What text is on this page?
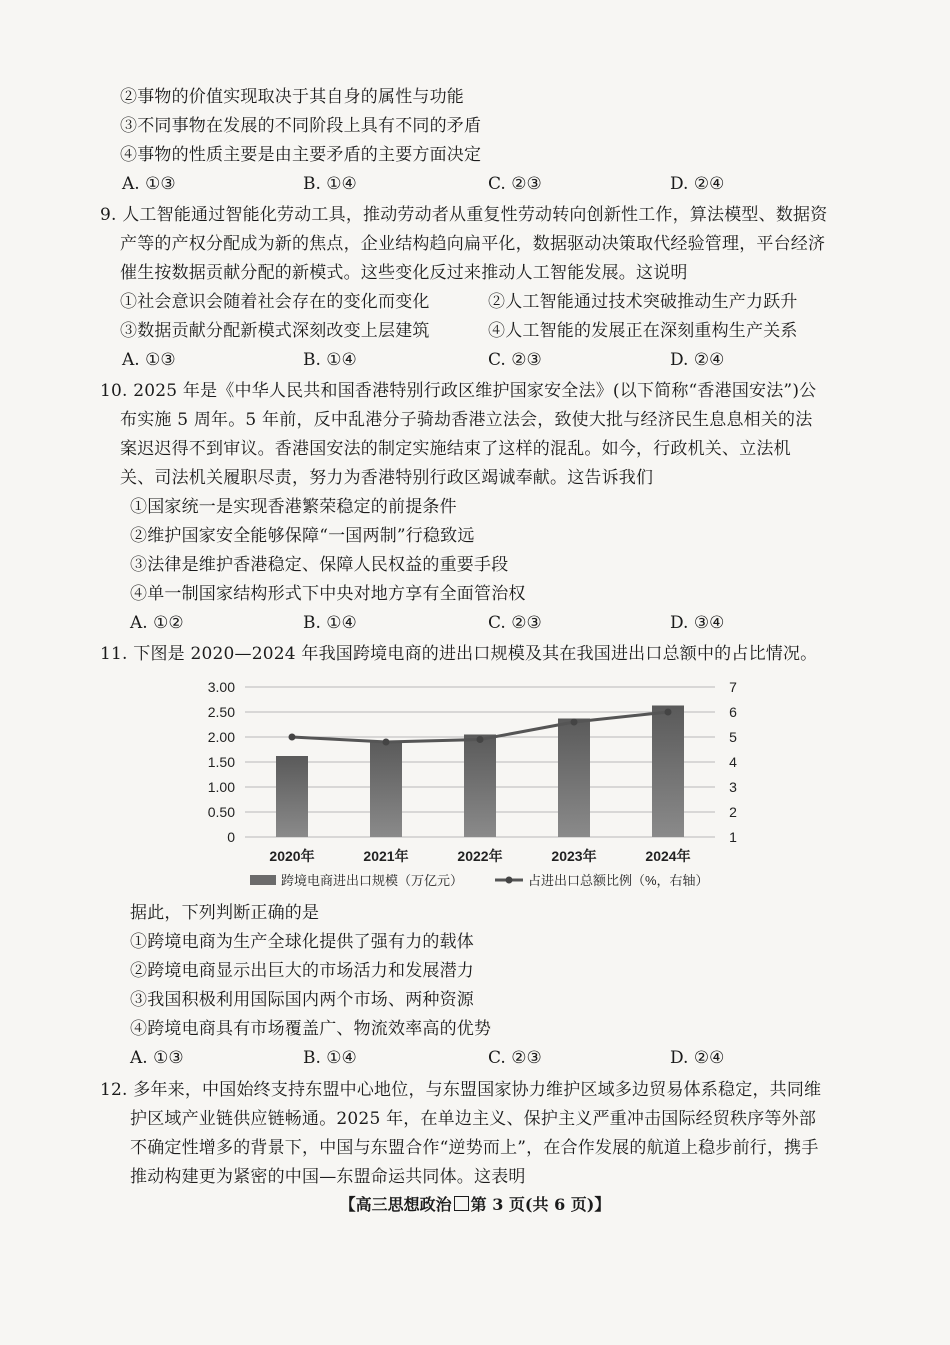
②事物的价值实现取决于其自身的属性与功能
③不同事物在发展的不同阶段上具有不同的矛盾
④事物的性质主要是由主要矛盾的主要方面决定
A. ①③	B. ①④	C. ②③	D. ②④
9. 人工智能通过智能化劳动工具，推动劳动者从重复性劳动转向创新性工作，算法模型、数据资
产等的产权分配成为新的焦点，企业结构趋向扁平化，数据驱动决策取代经验管理，平台经济
催生按数据贡献分配的新模式。这些变化反过来推动人工智能发展。这说明
①社会意识会随着社会存在的变化而变化	②人工智能通过技术突破推动生产力跃升
③数据贡献分配新模式深刻改变上层建筑	④人工智能的发展正在深刻重构生产关系
A. ①③	B. ①④	C. ②③	D. ②④
10. 2025 年是《中华人民共和国香港特别行政区维护国家安全法》(以下简称“香港国安法”)公
布实施 5 周年。5 年前，反中乱港分子骑劫香港立法会，致使大批与经济民生息息相关的法
案迟迟得不到审议。香港国安法的制定实施结束了这样的混乱。如今，行政机关、立法机
关、司法机关履职尽责，努力为香港特别行政区竭诚奉献。这告诉我们
①国家统一是实现香港繁荣稳定的前提条件
②维护国家安全能够保障“一国两制”行稳致远
③法律是维护香港稳定、保障人民权益的重要手段
④单一制国家结构形式下中央对地方享有全面管治权
A. ①②	B. ①④	C. ②③	D. ③④
11. 下图是 2020—2024 年我国跨境电商的进出口规模及其在我国进出口总额中的占比情况。
3.00
2.50
2.00
1.50
1.00
0.50
0
7
6
5
4
3
2
1
2020年	2021年	2022年	2023年	2024年
跨境电商进出口规模（万亿元）	占进出口总额比例（%，右轴）
据此，下列判断正确的是
①跨境电商为生产全球化提供了强有力的载体
②跨境电商显示出巨大的市场活力和发展潜力
③我国积极利用国际国内两个市场、两种资源
④跨境电商具有市场覆盖广、物流效率高的优势
A. ①③	B. ①④	C. ②③	D. ②④
12. 多年来，中国始终支持东盟中心地位，与东盟国家协力维护区域多边贸易体系稳定，共同维
护区域产业链供应链畅通。2025 年，在单边主义、保护主义严重冲击国际经贸秩序等外部
不确定性增多的背景下，中国与东盟合作“逆势而上”，在合作发展的航道上稳步前行，携手
推动构建更为紧密的中国—东盟命运共同体。这表明
【高三思想政治 第 3 页(共 6 页)】
